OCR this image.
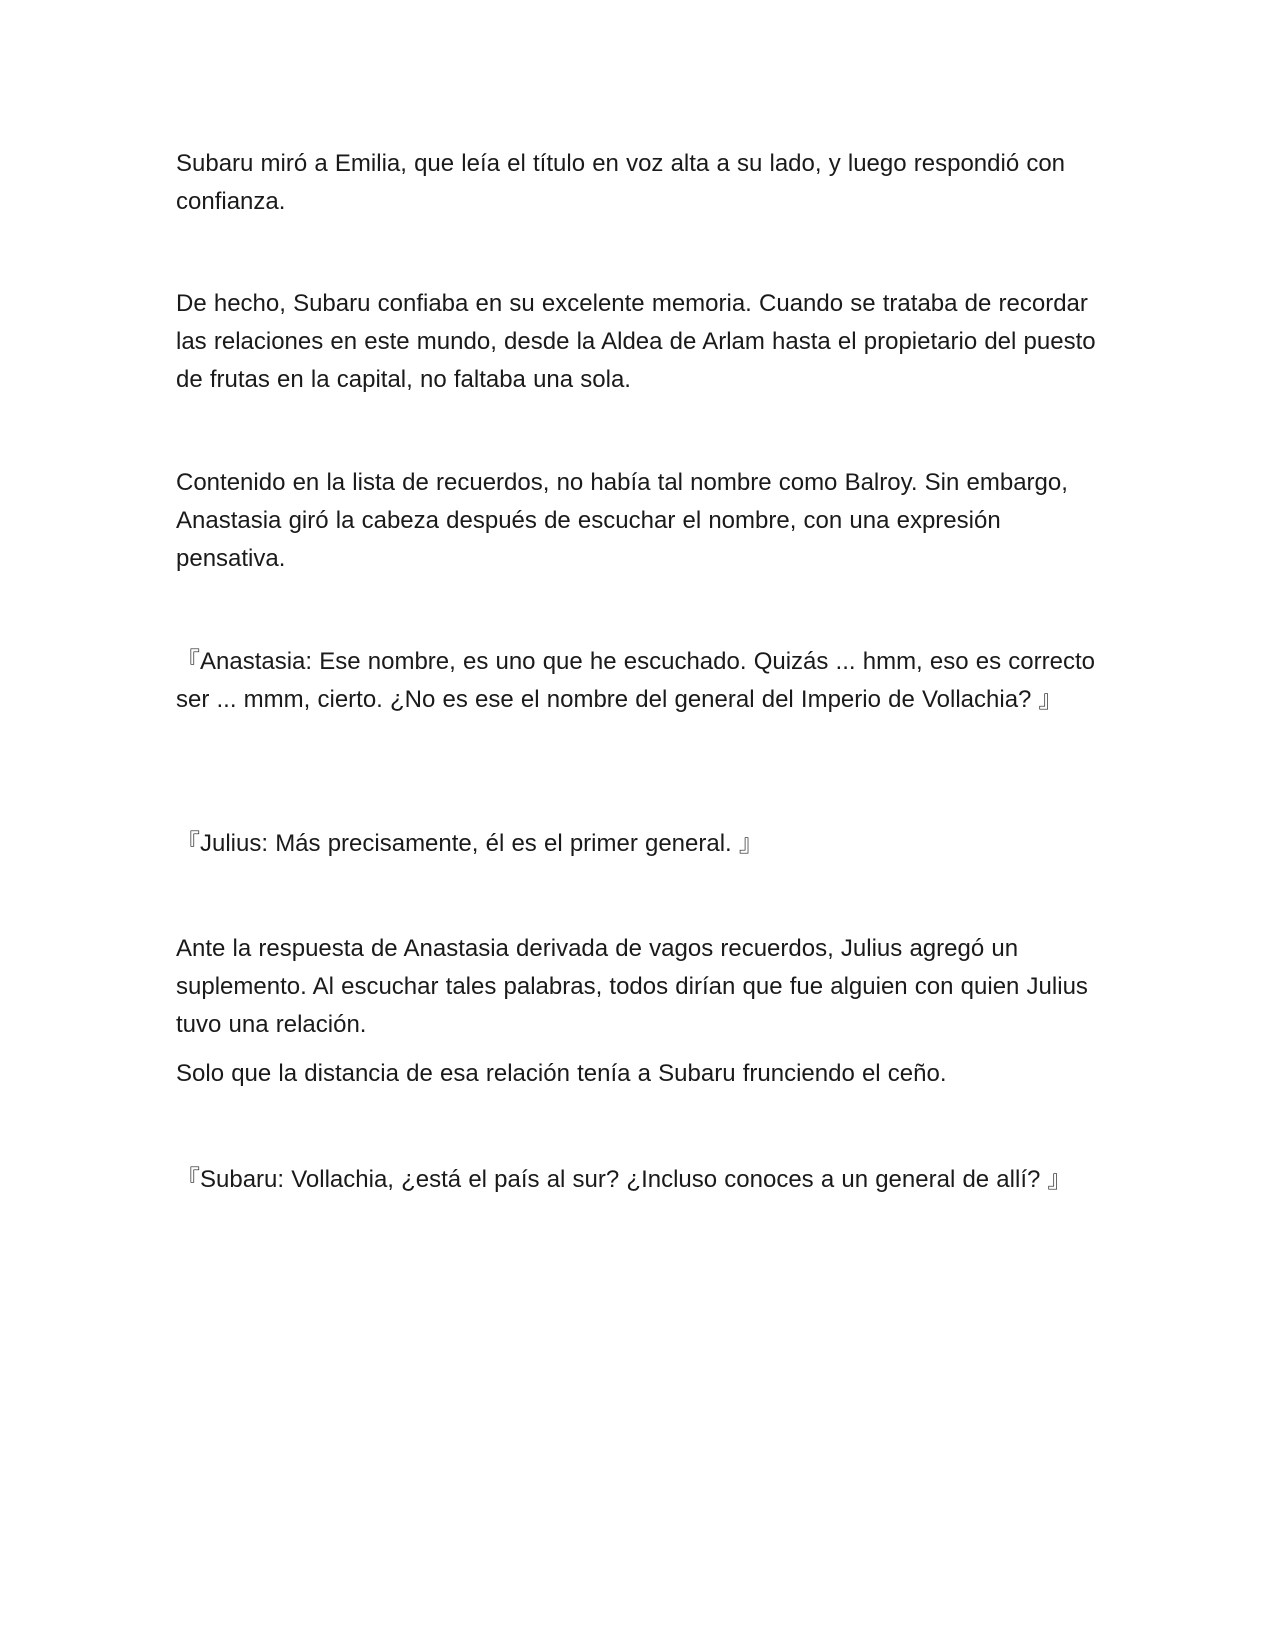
Subaru miró a Emilia, que leía el título en voz alta a su lado, y luego respondió con confianza.

De hecho, Subaru confiaba en su excelente memoria. Cuando se trataba de recordar las relaciones en este mundo, desde la Aldea de Arlam hasta el propietario del puesto de frutas en la capital, no faltaba una sola.

Contenido en la lista de recuerdos, no había tal nombre como Balroy. Sin embargo, Anastasia giró la cabeza después de escuchar el nombre, con una expresión pensativa.

『Anastasia: Ese nombre, es uno que he escuchado. Quizás ... hmm, eso es correcto ser ... mmm, cierto. ¿No es ese el nombre del general del Imperio de Vollachia? 』

『Julius: Más precisamente, él es el primer general. 』

Ante la respuesta de Anastasia derivada de vagos recuerdos, Julius agregó un suplemento. Al escuchar tales palabras, todos dirían que fue alguien con quien Julius tuvo una relación.

Solo que la distancia de esa relación tenía a Subaru frunciendo el ceño.

『Subaru: Vollachia, ¿está el país al sur? ¿Incluso conoces a un general de allí? 』
